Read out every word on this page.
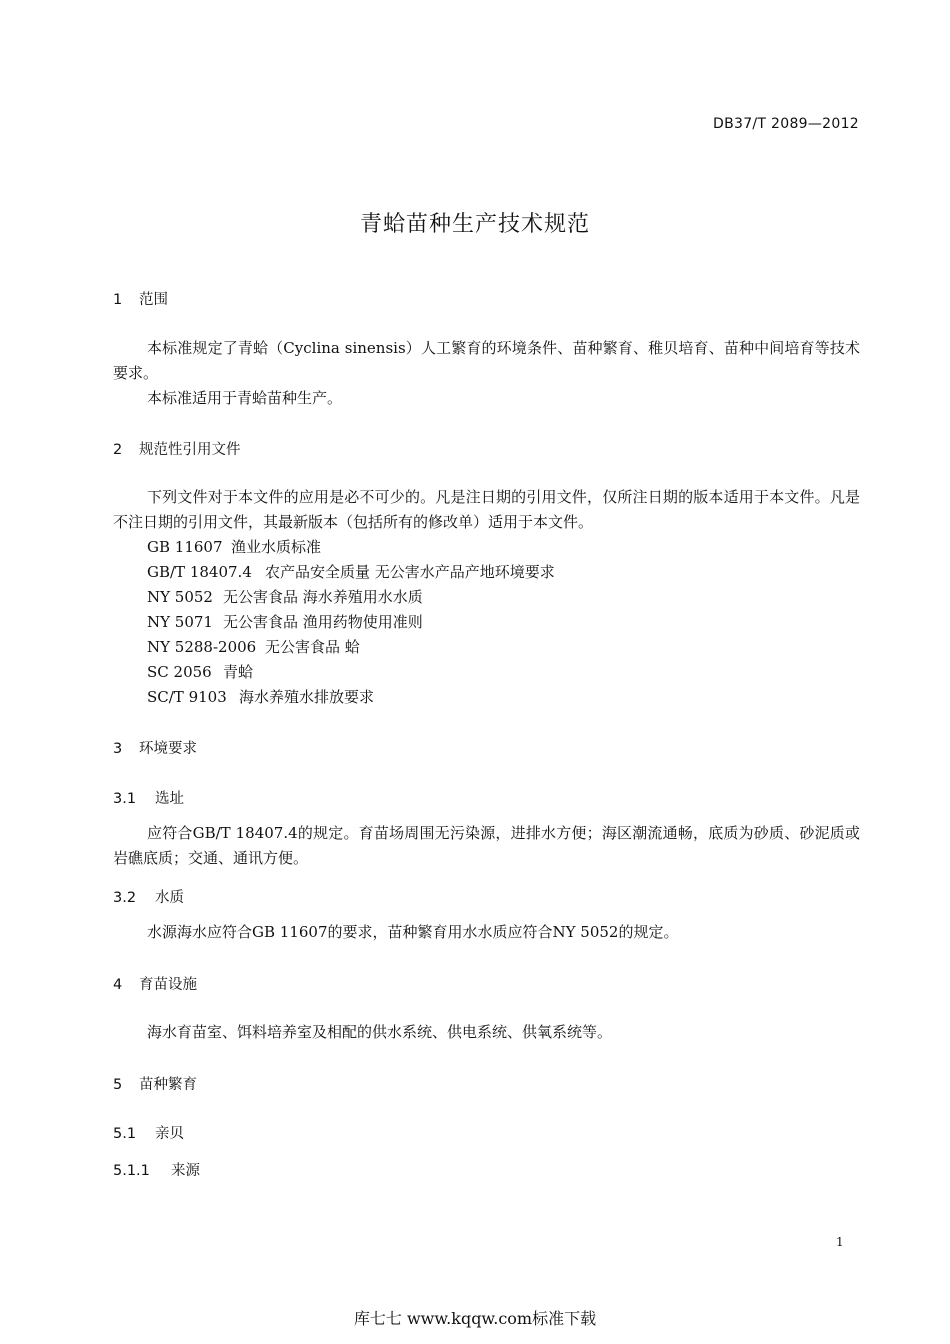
DB37/T 2089—2012
青蛤苗种生产技术规范
1 范围
本标准规定了青蛤（Cyclina sinensis）人工繁育的环境条件、苗种繁育、稚贝培育、苗种中间培育等技术要求。
本标准适用于青蛤苗种生产。
2 规范性引用文件
下列文件对于本文件的应用是必不可少的。凡是注日期的引用文件，仅所注日期的版本适用于本文件。凡是不注日期的引用文件，其最新版本（包括所有的修改单）适用于本文件。
GB 11607 渔业水质标准
GB/T 18407.4 农产品安全质量 无公害水产品产地环境要求
NY 5052 无公害食品 海水养殖用水水质
NY 5071 无公害食品 渔用药物使用准则
NY 5288-2006 无公害食品 蛤
SC 2056 青蛤
SC/T 9103 海水养殖水排放要求
3 环境要求
3.1 选址
应符合GB/T 18407.4的规定。育苗场周围无污染源，进排水方便；海区潮流通畅，底质为砂质、砂泥质或岩礁底质；交通、通讯方便。
3.2 水质
水源海水应符合GB 11607的要求，苗种繁育用水水质应符合NY 5052的规定。
4 育苗设施
海水育苗室、饵料培养室及相配的供水系统、供电系统、供氧系统等。
5 苗种繁育
5.1 亲贝
5.1.1 来源
1
库七七 www.kqqw.com标准下载
